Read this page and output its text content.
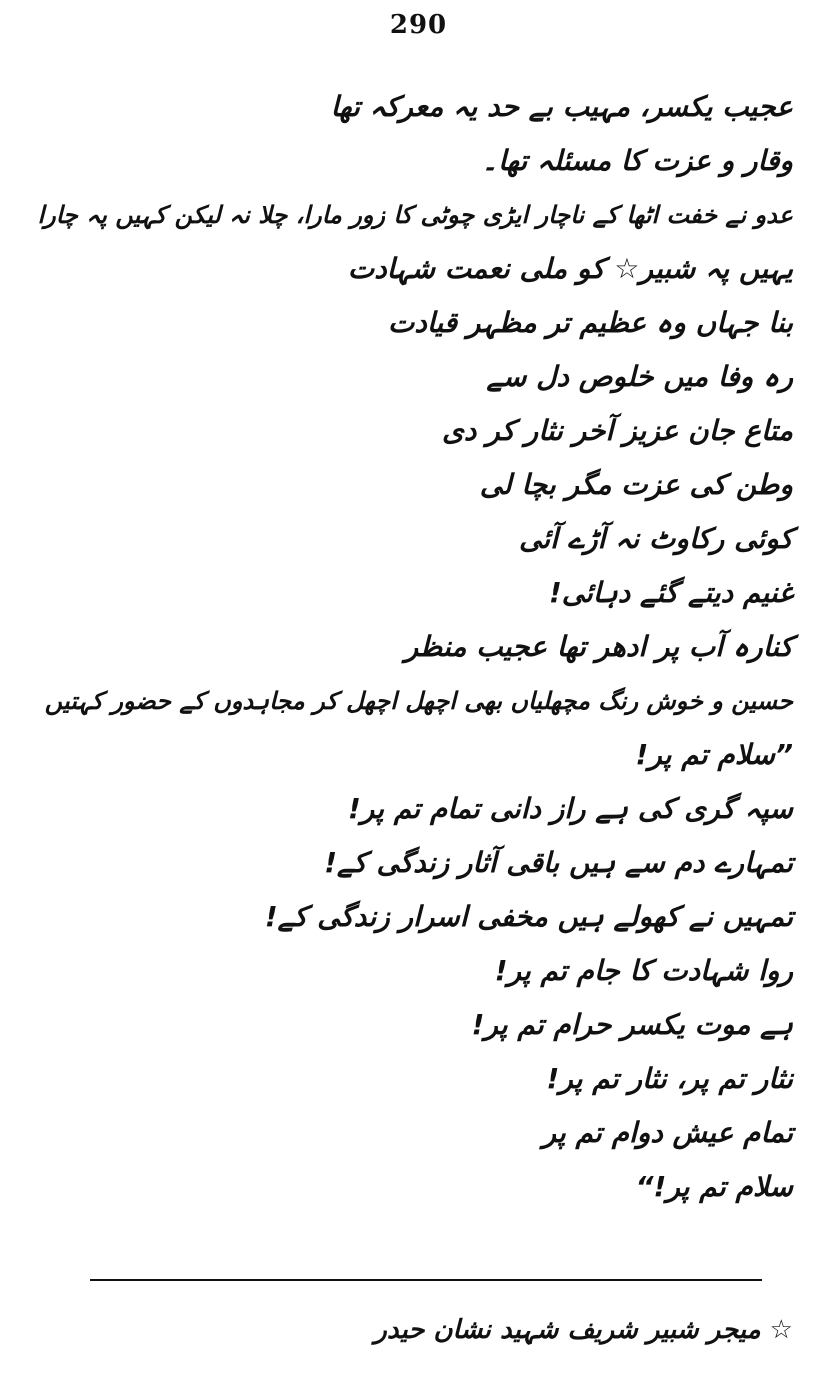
290

عجیب یکسر، مہیب بے حد یہ معرکہ تھا

وقار و عزت کا مسئلہ تھا۔

عدو نے خفت اٹھا کے ناچار ایڑی چوٹی کا زور مارا، چلا نہ لیکن کہیں پہ چارا

یہیں پہ شبیر☆ کو ملی نعمت شہادت

بنا جہاں وہ عظیم تر مظہر قیادت

رہ وفا میں خلوص دل سے

متاع جان عزیز آخر نثار کر دی

وطن کی عزت مگر بچا لی

کوئی رکاوٹ نہ آڑے آئی

غنیم دیتے گئے دہائی!

کنارہ آب پر ادھر تھا عجیب منظر

حسین و خوش رنگ مچھلیاں بھی اچھل اچھل کر مجاہدوں کے حضور کہتیں

”سلام تم پر!

سپہ گری کی ہے راز دانی تمام تم پر!

تمہارے دم سے ہیں باقی آثار زندگی کے!

تمہیں نے کھولے ہیں مخفی اسرار زندگی کے!

روا شہادت کا جام تم پر!

ہے موت یکسر حرام تم پر!

نثار تم پر، نثار تم پر!

تمام عیش دوام تم پر

سلام تم پر!“

☆ میجر شبیر شریف شہید نشان حیدر
